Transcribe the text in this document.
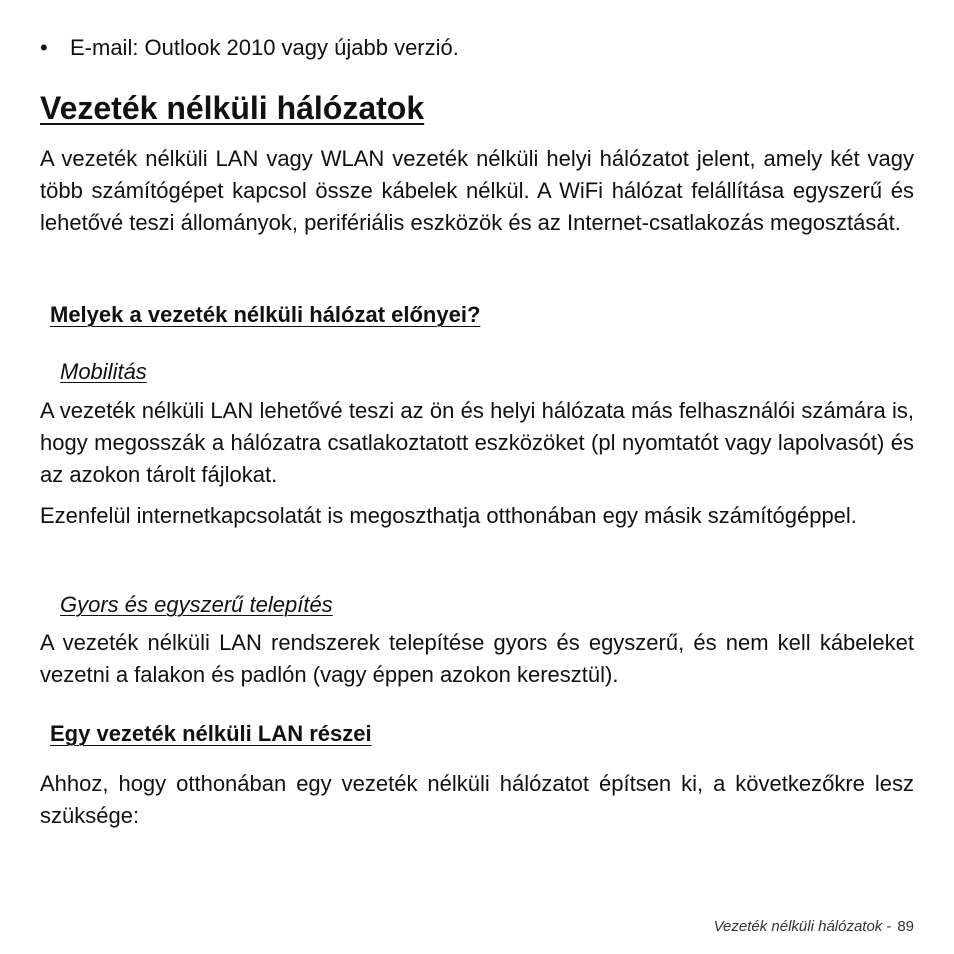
• E-mail: Outlook 2010 vagy újabb verzió.
Vezeték nélküli hálózatok

A vezeték nélküli LAN vagy WLAN vezeték nélküli helyi hálózatot jelent, amely két vagy több számítógépet kapcsol össze kábelek nélkül. A WiFi hálózat felállítása egyszerű és lehetővé teszi állományok, perifériális eszközök és az Internet-csatlakozás megosztását.

Melyek a vezeték nélküli hálózat előnyei?
Mobilitás

A vezeték nélküli LAN lehetővé teszi az ön és helyi hálózata más felhasználói számára is, hogy megosszák a hálózatra csatlakoztatott eszközöket (pl nyomtatót vagy lapolvasót) és az azokon tárolt fájlokat.

Ezenfelül internetkapcsolatát is megoszthatja otthonában egy másik számítógéppel.

Gyors és egyszerű telepítés

A vezeték nélküli LAN rendszerek telepítése gyors és egyszerű, és nem kell kábeleket vezetni a falakon és padlón (vagy éppen azokon keresztül).

Egy vezeték nélküli LAN részei

Ahhoz, hogy otthonában egy vezeték nélküli hálózatot építsen ki, a következőkre lesz szüksége:

Vezeték nélküli hálózatok - 89
